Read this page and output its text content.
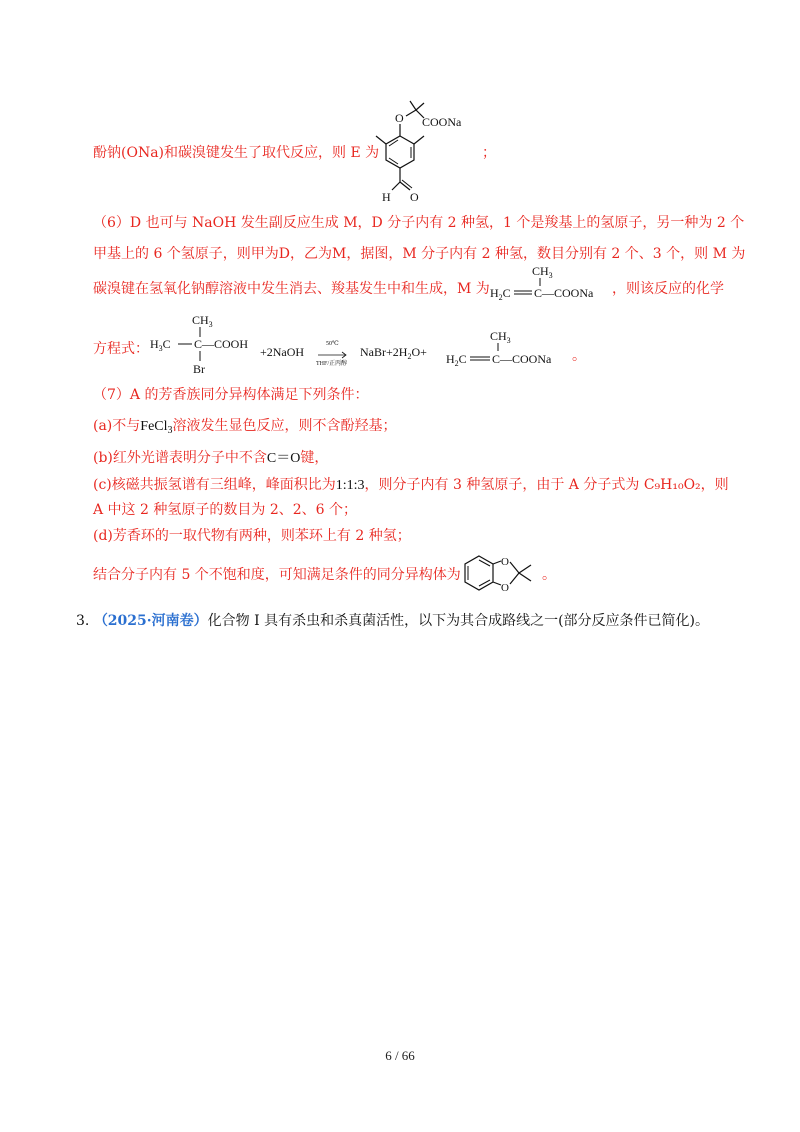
酚钠(ONa)和碳溴键发生了取代反应，则 E 为
O COONa
H O
；
（6）D 也可与 NaOH 发生副反应生成 M，D 分子内有 2 种氢，1 个是羧基上的氢原子，另一种为 2 个
甲基上的 6 个氢原子，则甲为D，乙为M，据图，M 分子内有 2 种氢，数目分别有 2 个、3 个，则 M 为
碳溴键在氢氧化钠醇溶液中发生消去、羧基发生中和生成，M 为
$CH_3$
$H_2C$ C—COONa ，则该反应的化学
方程式：
$CH_3$
$H_3C$ C—COOH
Br
+2NaOH
50℃
THF/正丙醇
$NaBr+2H_2O+$
$CH_3$
$H_2C$ C—COONa 。
（7）A 的芳香族同分异构体满足下列条件：
(a)不与FeCl$_3$溶液发生显色反应，则不含酚羟基；
(b)红外光谱表明分子中不含C＝O键，
(c)核磁共振氢谱有三组峰，峰面积比为1:1:3，则分子内有 3 种氢原子，由于 A 分子式为 C₉H₁₀O₂，则
A 中这 2 种氢原子的数目为 2、2、6 个；
(d)芳香环的一取代物有两种，则苯环上有 2 种氢；
结合分子内有 5 个不饱和度，可知满足条件的同分异构体为
O
O
。
3. （2025·河南卷）化合物 I 具有杀虫和杀真菌活性，以下为其合成路线之一(部分反应条件已简化)。
6 / 66
